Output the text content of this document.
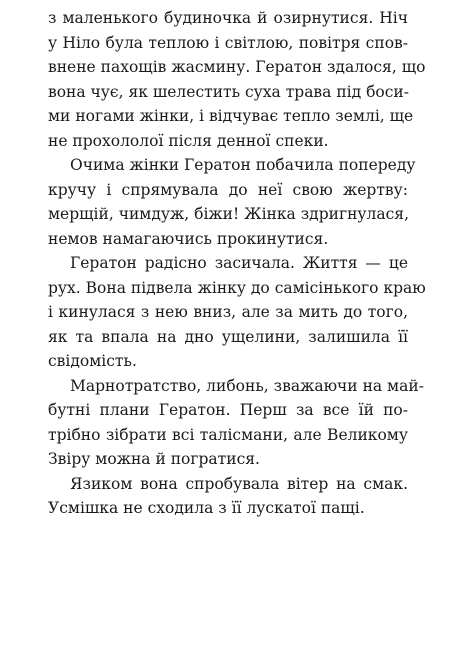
з маленького будиночка й озирнутися. Ніч
у Ніло була теплою і світлою, повітря спов-
внене пахощів жасмину. Гератон здалося, що
вона чує, як шелестить суха трава під боси-
ми ногами жінки, і відчуває тепло землі, ще
не прохололої після денної спеки.

Очима жінки Гератон побачила попереду
кручу і спрямувала до неї свою жертву:
мерщій, чимдуж, біжи! Жінка здригнулася,
немов намагаючись прокинутися.

Гератон радісно засичала. Життя — це
рух. Вона підвела жінку до самісінького краю
і кинулася з нею вниз, але за мить до того,
як та впала на дно ущелини, залишила її
свідомість.

Марнотратство, либонь, зважаючи на май-
бутні плани Гератон. Перш за все їй по-
трібно зібрати всі талісмани, але Великому
Звіру можна й погратися.

Язиком вона спробувала вітер на смак.
Усмішка не сходила з її лускатої пащі.
